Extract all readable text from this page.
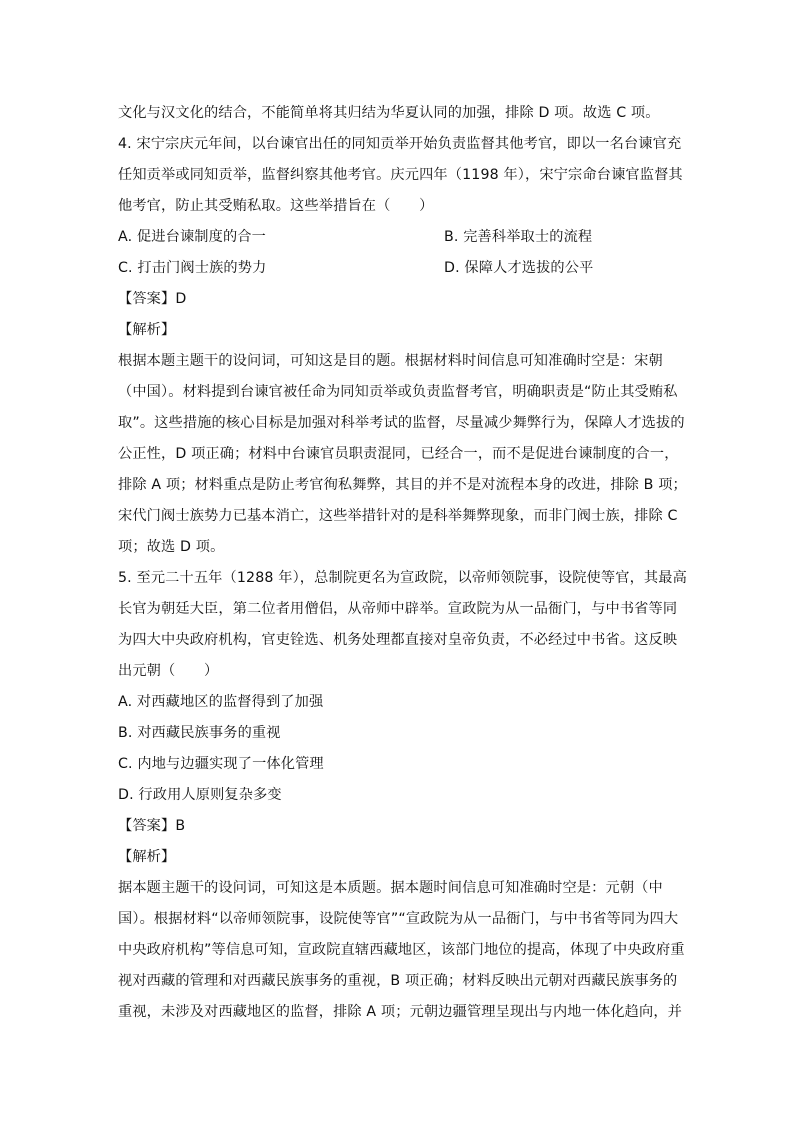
文化与汉文化的结合，不能简单将其归结为华夏认同的加强，排除 D 项。故选 C 项。
4. 宋宁宗庆元年间，以台谏官出任的同知贡举开始负责监督其他考官，即以一名台谏官充
任知贡举或同知贡举，监督纠察其他考官。庆元四年（1198 年），宋宁宗命台谏官监督其
他考官，防止其受贿私取。这些举措旨在（　　）
A. 促进台谏制度的合一	B. 完善科举取士的流程
C. 打击门阀士族的势力	D. 保障人才选拔的公平
【答案】D
【解析】
根据本题主题干的设问词，可知这是目的题。根据材料时间信息可知准确时空是：宋朝
（中国）。材料提到台谏官被任命为同知贡举或负责监督考官，明确职责是“防止其受贿私
取”。这些措施的核心目标是加强对科举考试的监督，尽量减少舞弊行为，保障人才选拔的
公正性，D 项正确；材料中台谏官员职责混同，已经合一，而不是促进台谏制度的合一，
排除 A 项；材料重点是防止考官徇私舞弊，其目的并不是对流程本身的改进，排除 B 项；
宋代门阀士族势力已基本消亡，这些举措针对的是科举舞弊现象，而非门阀士族，排除 C
项；故选 D 项。
5. 至元二十五年（1288 年），总制院更名为宣政院，以帝师领院事，设院使等官，其最高
长官为朝廷大臣，第二位者用僧侣，从帝师中辟举。宣政院为从一品衙门，与中书省等同
为四大中央政府机构，官吏铨选、机务处理都直接对皇帝负责，不必经过中书省。这反映
出元朝（　　）
A. 对西藏地区的监督得到了加强
B. 对西藏民族事务的重视
C. 内地与边疆实现了一体化管理
D. 行政用人原则复杂多变
【答案】B
【解析】
据本题主题干的设问词，可知这是本质题。据本题时间信息可知准确时空是：元朝（中
国）。根据材料“以帝师领院事，设院使等官”“宣政院为从一品衙门，与中书省等同为四大
中央政府机构”等信息可知，宣政院直辖西藏地区，该部门地位的提高，体现了中央政府重
视对西藏的管理和对西藏民族事务的重视，B 项正确；材料反映出元朝对西藏民族事务的
重视，未涉及对西藏地区的监督，排除 A 项；元朝边疆管理呈现出与内地一体化趋向，并
